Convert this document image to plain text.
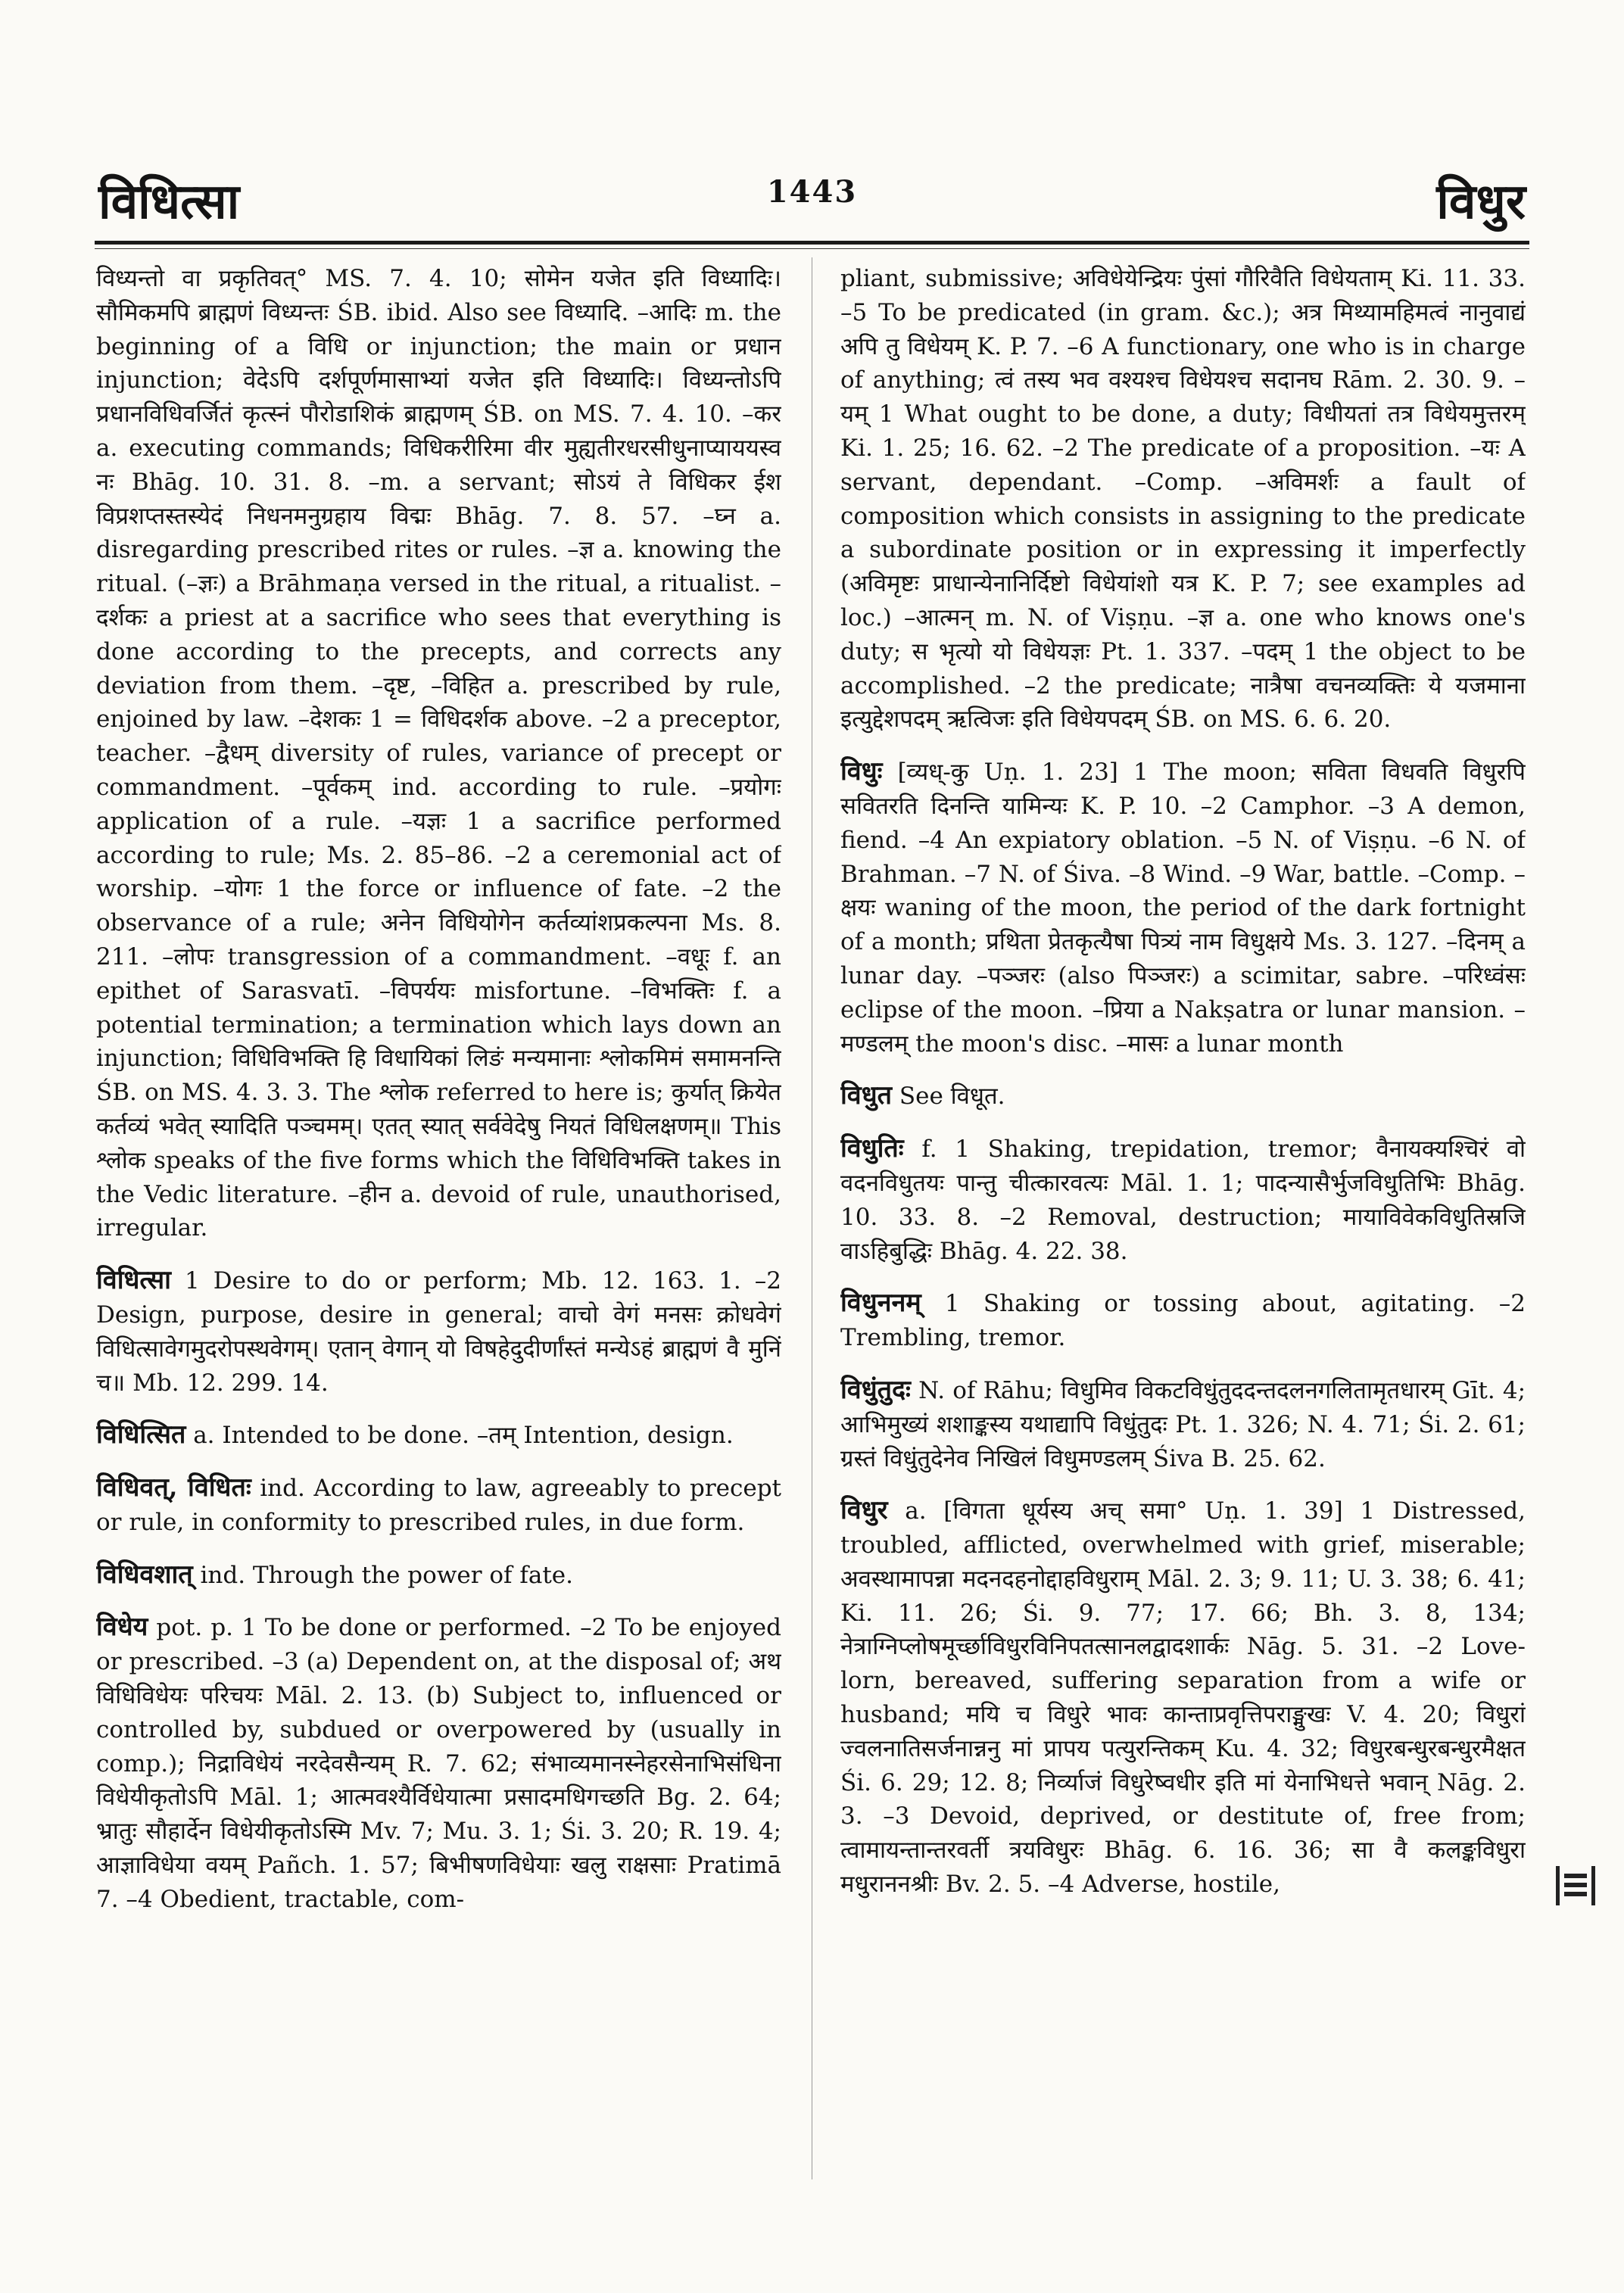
विधित्सा	1443	विधुर

विध्यन्तो वा प्रकृतिवत्° MS. 7. 4. 10; सोमेन यजेत इति विध्यादिः। सौमिकमपि ब्राह्मणं विध्यन्तः ŚB. ibid. Also see विध्यादि. –आदिः m. the beginning of a विधि or injunction; the main or प्रधान injunction; वेदेऽपि दर्शपूर्णमासाभ्यां यजेत इति विध्यादिः। विध्यन्तोऽपि प्रधानविधिवर्जितं कृत्स्नं पौरोडाशिकं ब्राह्मणम् ŚB. on MS. 7. 4. 10. –कर a. executing commands; विधिकरीरिमा वीर मुह्यतीरधरसीधुनाप्याययस्व नः Bhāg. 10. 31. 8. –m. a servant; सोऽयं ते विधिकर ईश विप्रशप्तस्तस्येदं निधनमनुग्रहाय विद्मः Bhāg. 7. 8. 57. –घ्न a. disregarding prescribed rites or rules. –ज्ञ a. knowing the ritual. (–ज्ञः) a Brāhmaṇa versed in the ritual, a ritualist. –दर्शकः a priest at a sacrifice who sees that everything is done according to the precepts, and corrects any deviation from them. –दृष्ट, –विहित a. prescribed by rule, enjoined by law. –देशकः 1 = विधिदर्शक above. –2 a preceptor, teacher. –द्वैधम् diversity of rules, variance of precept or commandment. –पूर्वकम् ind. according to rule. –प्रयोगः application of a rule. –यज्ञः 1 a sacrifice performed according to rule; Ms. 2. 85–86. –2 a ceremonial act of worship. –योगः 1 the force or influence of fate. –2 the observance of a rule; अनेन विधियोगेन कर्तव्यांशप्रकल्पना Ms. 8. 211. –लोपः transgression of a commandment. –वधूः f. an epithet of Sarasvatī. –विपर्ययः misfortune. –विभक्तिः f. a potential termination; a termination which lays down an injunction; विधिविभक्ति हि विधायिकां लिङं मन्यमानाः श्लोकमिमं समामनन्ति ŚB. on MS. 4. 3. 3. The श्लोक referred to here is; कुर्यात् क्रियेत कर्तव्यं भवेत् स्यादिति पञ्चमम्। एतत् स्यात् सर्ववेदेषु नियतं विधिलक्षणम्॥ This श्लोक speaks of the five forms which the विधिविभक्ति takes in the Vedic literature. –हीन a. devoid of rule, unauthorised, irregular.

विधित्सा 1 Desire to do or perform; Mb. 12. 163. 1. –2 Design, purpose, desire in general; वाचो वेगं मनसः क्रोधवेगं विधित्सावेगमुदरोपस्थवेगम्। एतान् वेगान् यो विषहेदुदीर्णांस्तं मन्येऽहं ब्राह्मणं वै मुनिं च॥ Mb. 12. 299. 14.

विधित्सित a. Intended to be done. –तम् Intention, design.

विधिवत्, विधितः ind. According to law, agreeably to precept or rule, in conformity to prescribed rules, in due form.

विधिवशात् ind. Through the power of fate.

विधेय pot. p. 1 To be done or performed. –2 To be enjoyed or prescribed. –3 (a) Dependent on, at the disposal of; अथ विधिविधेयः परिचयः Māl. 2. 13. (b) Subject to, influenced or controlled by, subdued or overpowered by (usually in comp.); निद्राविधेयं नरदेवसैन्यम् R. 7. 62; संभाव्यमानस्नेहरसेनाभिसंधिना विधेयीकृतोऽपि Māl. 1; आत्मवश्यैर्विधेयात्मा प्रसादमधिगच्छति Bg. 2. 64; भ्रातुः सौहार्देन विधेयीकृतोऽस्मि Mv. 7; Mu. 3. 1; Śi. 3. 20; R. 19. 4; आज्ञाविधेया वयम् Pañch. 1. 57; बिभीषणविधेयाः खलु राक्षसाः Pratimā 7. –4 Obedient, tractable, com-

pliant, submissive; अविधेयेन्द्रियः पुंसां गौरिवैति विधेयताम् Ki. 11. 33. –5 To be predicated (in gram. &c.); अत्र मिथ्यामहिमत्वं नानुवाद्यं अपि तु विधेयम् K. P. 7. –6 A functionary, one who is in charge of anything; त्वं तस्य भव वश्यश्च विधेयश्च सदानघ Rām. 2. 30. 9. –यम् 1 What ought to be done, a duty; विधीयतां तत्र विधेयमुत्तरम् Ki. 1. 25; 16. 62. –2 The predicate of a proposition. –यः A servant, dependant. –Comp. –अविमर्शः a fault of composition which consists in assigning to the predicate a subordinate position or in expressing it imperfectly (अविमृष्टः प्राधान्येनानिर्दिष्टो विधेयांशो यत्र K. P. 7; see examples ad loc.) –आत्मन् m. N. of Viṣṇu. –ज्ञ a. one who knows one's duty; स भृत्यो यो विधेयज्ञः Pt. 1. 337. –पदम् 1 the object to be accomplished. –2 the predicate; नात्रैषा वचनव्यक्तिः ये यजमाना इत्युद्देशपदम् ऋत्विजः इति विधेयपदम् ŚB. on MS. 6. 6. 20.

विधुः [व्यध्-कु Uṇ. 1. 23] 1 The moon; सविता विधवति विधुरपि सवितरति दिनन्ति यामिन्यः K. P. 10. –2 Camphor. –3 A demon, fiend. –4 An expiatory oblation. –5 N. of Viṣṇu. –6 N. of Brahman. –7 N. of Śiva. –8 Wind. –9 War, battle. –Comp. –क्षयः waning of the moon, the period of the dark fortnight of a month; प्रथिता प्रेतकृत्यैषा पित्र्यं नाम विधुक्षये Ms. 3. 127. –दिनम् a lunar day. –पञ्जरः (also पिञ्जरः) a scimitar, sabre. –परिध्वंसः eclipse of the moon. –प्रिया a Nakṣatra or lunar mansion. –मण्डलम् the moon's disc. –मासः a lunar month

विधुत See विधूत.

विधुतिः f. 1 Shaking, trepidation, tremor; वैनायक्यश्चिरं वो वदनविधुतयः पान्तु चीत्कारवत्यः Māl. 1. 1; पादन्यासैर्भुजविधुतिभिः Bhāg. 10. 33. 8. –2 Removal, destruction; मायाविवेकविधुतिस्रजि वाऽहिबुद्धिः Bhāg. 4. 22. 38.

विधुननम् 1 Shaking or tossing about, agitating. –2 Trembling, tremor.

विधुंतुदः N. of Rāhu; विधुमिव विकटविधुंतुददन्तदलनगलितामृतधारम् Gīt. 4; आभिमुख्यं शशाङ्कस्य यथाद्यापि विधुंतुदः Pt. 1. 326; N. 4. 71; Śi. 2. 61; ग्रस्तं विधुंतुदेनेव निखिलं विधुमण्डलम् Śiva B. 25. 62.

विधुर a. [विगता धूर्यस्य अच् समा° Uṇ. 1. 39] 1 Distressed, troubled, afflicted, overwhelmed with grief, miserable; अवस्थामापन्ना मदनदहनोद्दाहविधुराम् Māl. 2. 3; 9. 11; U. 3. 38; 6. 41; Ki. 11. 26; Śi. 9. 77; 17. 66; Bh. 3. 8, 134; नेत्राग्निप्लोषमूर्च्छाविधुरविनिपतत्सानलद्वादशार्कः Nāg. 5. 31. –2 Love-lorn, bereaved, suffering separation from a wife or husband; मयि च विधुरे भावः कान्ताप्रवृत्तिपराङ्मुखः V. 4. 20; विधुरां ज्वलनातिसर्जनान्ननु मां प्रापय पत्युरन्तिकम् Ku. 4. 32; विधुरबन्धुरबन्धुरमैक्षत Śi. 6. 29; 12. 8; निर्व्याजं विधुरेष्वधीर इति मां येनाभिधत्ते भवान् Nāg. 2. 3. –3 Devoid, deprived, or destitute of, free from; त्वामायन्तान्तरवर्ती त्रयविधुरः Bhāg. 6. 16. 36; सा वै कलङ्कविधुरा मधुराननश्रीः Bv. 2. 5. –4 Adverse, hostile,
